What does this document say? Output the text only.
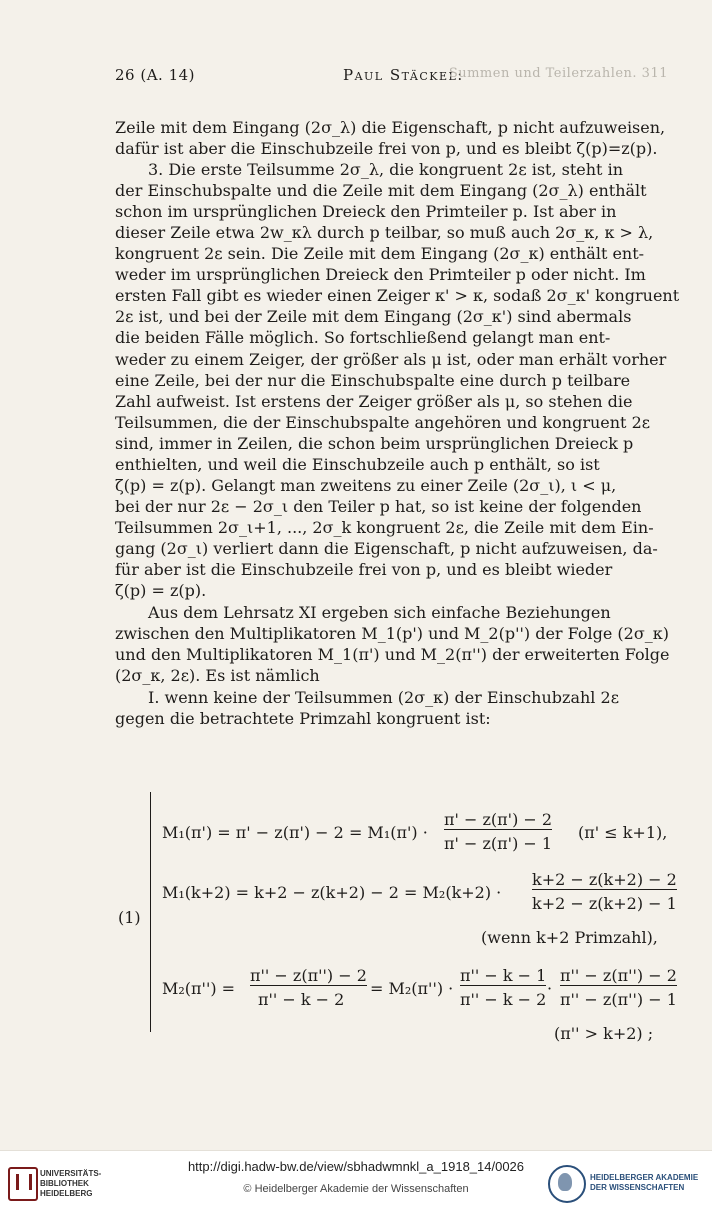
26 (A. 14)	Paul Stäckel:
Summen und Teilerzahlen. 311
Zeile mit dem Eingang (2σ_λ) die Eigenschaft, p nicht aufzuweisen,
dafür ist aber die Einschubzeile frei von p, und es bleibt ζ(p)=z(p).
3. Die erste Teilsumme 2σ_λ, die kongruent 2ε ist, steht in
der Einschubspalte und die Zeile mit dem Eingang (2σ_λ) enthält
schon im ursprünglichen Dreieck den Primteiler p. Ist aber in
dieser Zeile etwa 2w_κλ durch p teilbar, so muß auch 2σ_κ, κ > λ,
kongruent 2ε sein. Die Zeile mit dem Eingang (2σ_κ) enthält ent-
weder im ursprünglichen Dreieck den Primteiler p oder nicht. Im
ersten Fall gibt es wieder einen Zeiger κ' > κ, sodaß 2σ_κ' kongruent
2ε ist, und bei der Zeile mit dem Eingang (2σ_κ') sind abermals
die beiden Fälle möglich. So fortschließend gelangt man ent-
weder zu einem Zeiger, der größer als μ ist, oder man erhält vorher
eine Zeile, bei der nur die Einschubspalte eine durch p teilbare
Zahl aufweist. Ist erstens der Zeiger größer als μ, so stehen die
Teilsummen, die der Einschubspalte angehören und kongruent 2ε
sind, immer in Zeilen, die schon beim ursprünglichen Dreieck p
enthielten, und weil die Einschubzeile auch p enthält, so ist
ζ(p) = z(p). Gelangt man zweitens zu einer Zeile (2σ_ι), ι < μ,
bei der nur 2ε − 2σ_ι den Teiler p hat, so ist keine der folgenden
Teilsummen 2σ_ι+1, ..., 2σ_k kongruent 2ε, die Zeile mit dem Ein-
gang (2σ_ι) verliert dann die Eigenschaft, p nicht aufzuweisen, da-
für aber ist die Einschubzeile frei von p, und es bleibt wieder
ζ(p) = z(p).
Aus dem Lehrsatz XI ergeben sich einfache Beziehungen
zwischen den Multiplikatoren M_1(p') und M_2(p'') der Folge (2σ_κ)
und den Multiplikatoren M_1(π') und M_2(π'') der erweiterten Folge
(2σ_κ, 2ε). Es ist nämlich
I. wenn keine der Teilsummen (2σ_κ) der Einschubzahl 2ε
gegen die betrachtete Primzahl kongruent ist:
(1)
M₁(π') = π' − z(π') − 2 = M₁(π') ·
π' − z(π') − 2
π' − z(π') − 1
(π' ≤ k+1),
M₁(k+2) = k+2 − z(k+2) − 2 = M₂(k+2) ·
k+2 − z(k+2) − 2
k+2 − z(k+2) − 1
(wenn k+2 Primzahl),
M₂(π'') =
π'' − z(π'') − 2
π'' − k − 2
= M₂(π'') ·
π'' − k − 1
π'' − k − 2
·
π'' − z(π'') − 2
π'' − z(π'') − 1
(π'' > k+2) ;
UNIVERSITÄTS-
BIBLIOTHEK
HEIDELBERG
http://digi.hadw-bw.de/view/sbhadwmnkl_a_1918_14/0026
© Heidelberger Akademie der Wissenschaften
HEIDELBERGER AKADEMIE
DER WISSENSCHAFTEN
